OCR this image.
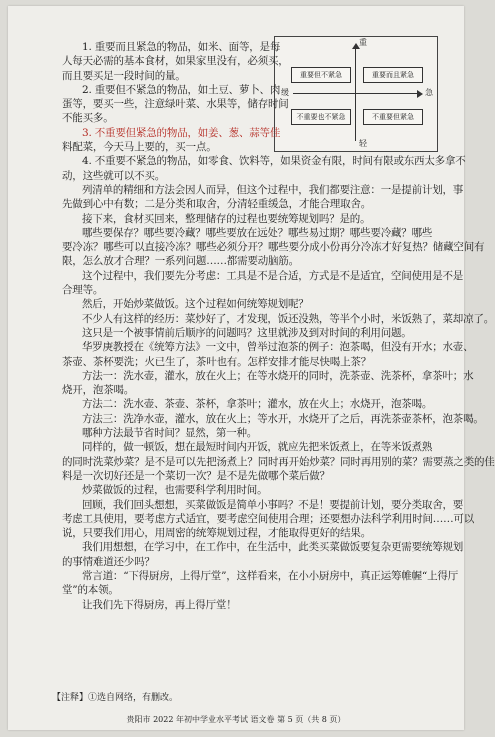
重
轻
缓	急
重要但不紧急	重要而且紧急
不重要也不紧急	不重要但紧急

1. 重要而且紧急的物品，如米、面等，是每

人每天必需的基本食材，如果家里没有，必须买，

而且要买足一段时间的量。

2. 重要但不紧急的物品，如土豆、萝卜、肉

蛋等，要买一些，注意绿叶菜、水果等，储存时间

不能买多。

3. 不重要但紧急的物品，如姜、葱、蒜等佳

料配菜，今天马上要的，买一点。

4. 不重要不紧急的物品，如零食、饮料等，如果资金有限，时间有限或东西太多拿不

动，这些就可以不买。

列清单的精细和方法会因人而异，但这个过程中，我们都要注意：一是提前计划，事

先做到心中有数；二是分类和取舍，分清轻重缓急，才能合理取舍。

接下来，食材买回来，整理储存的过程也要统筹规划吗？是的。

哪些要保存？哪些要冷藏？哪些要放在远处？哪些易过期？哪些要冷藏？哪些

要冷冻？哪些可以直接冷冻？哪些必须分开？哪些要分成小份再分冷冻才好复热？储藏空间有

限，怎么放才合理？一系列问题……都需要动脑筋。

这个过程中，我们要先分考虑：工具是不是合适，方式是不是适宜，空间使用是不是

合理等。

然后，开始炒菜做饭。这个过程如何统筹规划呢？

不少人有这样的经历：菜炒好了，才发现，饭还没熟，等半个小时，米饭熟了，菜却凉了。

这只是一个被事情前后顺序的问题吗？这里就涉及到对时间的利用问题。

华罗庚教授在《统筹方法》一文中，曾举过泡茶的例子：泡茶喝，但没有开水；水壶、

茶壶、茶杯要洗；火已生了，茶叶也有。怎样安排才能尽快喝上茶？

方法一：洗水壶，灌水，放在火上；在等水烧开的同时，洗茶壶、洗茶杯，拿茶叶；水

烧开，泡茶喝。

方法二：洗水壶、茶壶、茶杯，拿茶叶；灌水，放在火上；水烧开，泡茶喝。

方法三：洗净水壶，灌水，放在火上；等水开，水烧开了之后，再洗茶壶茶杯，泡茶喝。

哪种方法最节省时间？显然，第一种。

同样的，做一顿饭，想在最短时间内开饭，就应先把米饭煮上，在等米饭煮熟

的同时洗菜炒菜？是不是可以先把汤煮上？同时再开始炒菜？同时再用别的菜？需要蒸之类的佳

料是一次切好还是一个菜切一次？是不是先做哪个菜后做？

炒菜做饭的过程，也需要科学利用时间。

回顾，我们回头想想，买菜做饭是简单小事吗？不是！要提前计划，要分类取舍，要

考虑工具使用，要考虑方式适宜，要考虑空间使用合理；还要想办法科学利用时间……可以

说，只要我们用心，用周密的统筹规划过程，才能取得更好的结果。

我们用想想，在学习中，在工作中，在生活中，此类买菜做饭要复杂更需要统筹规划

的事情难道还少吗？

常言道：“下得厨房，上得厅堂”，这样看来，在小小厨房中，真正运筹帷幄“上得厅

堂”的本领。

让我们先下得厨房，再上得厅堂！

【注释】①选自网络，有删改。
贵阳市 2022 年初中学业水平考试 语文卷 第 5 页（共 8 页）
